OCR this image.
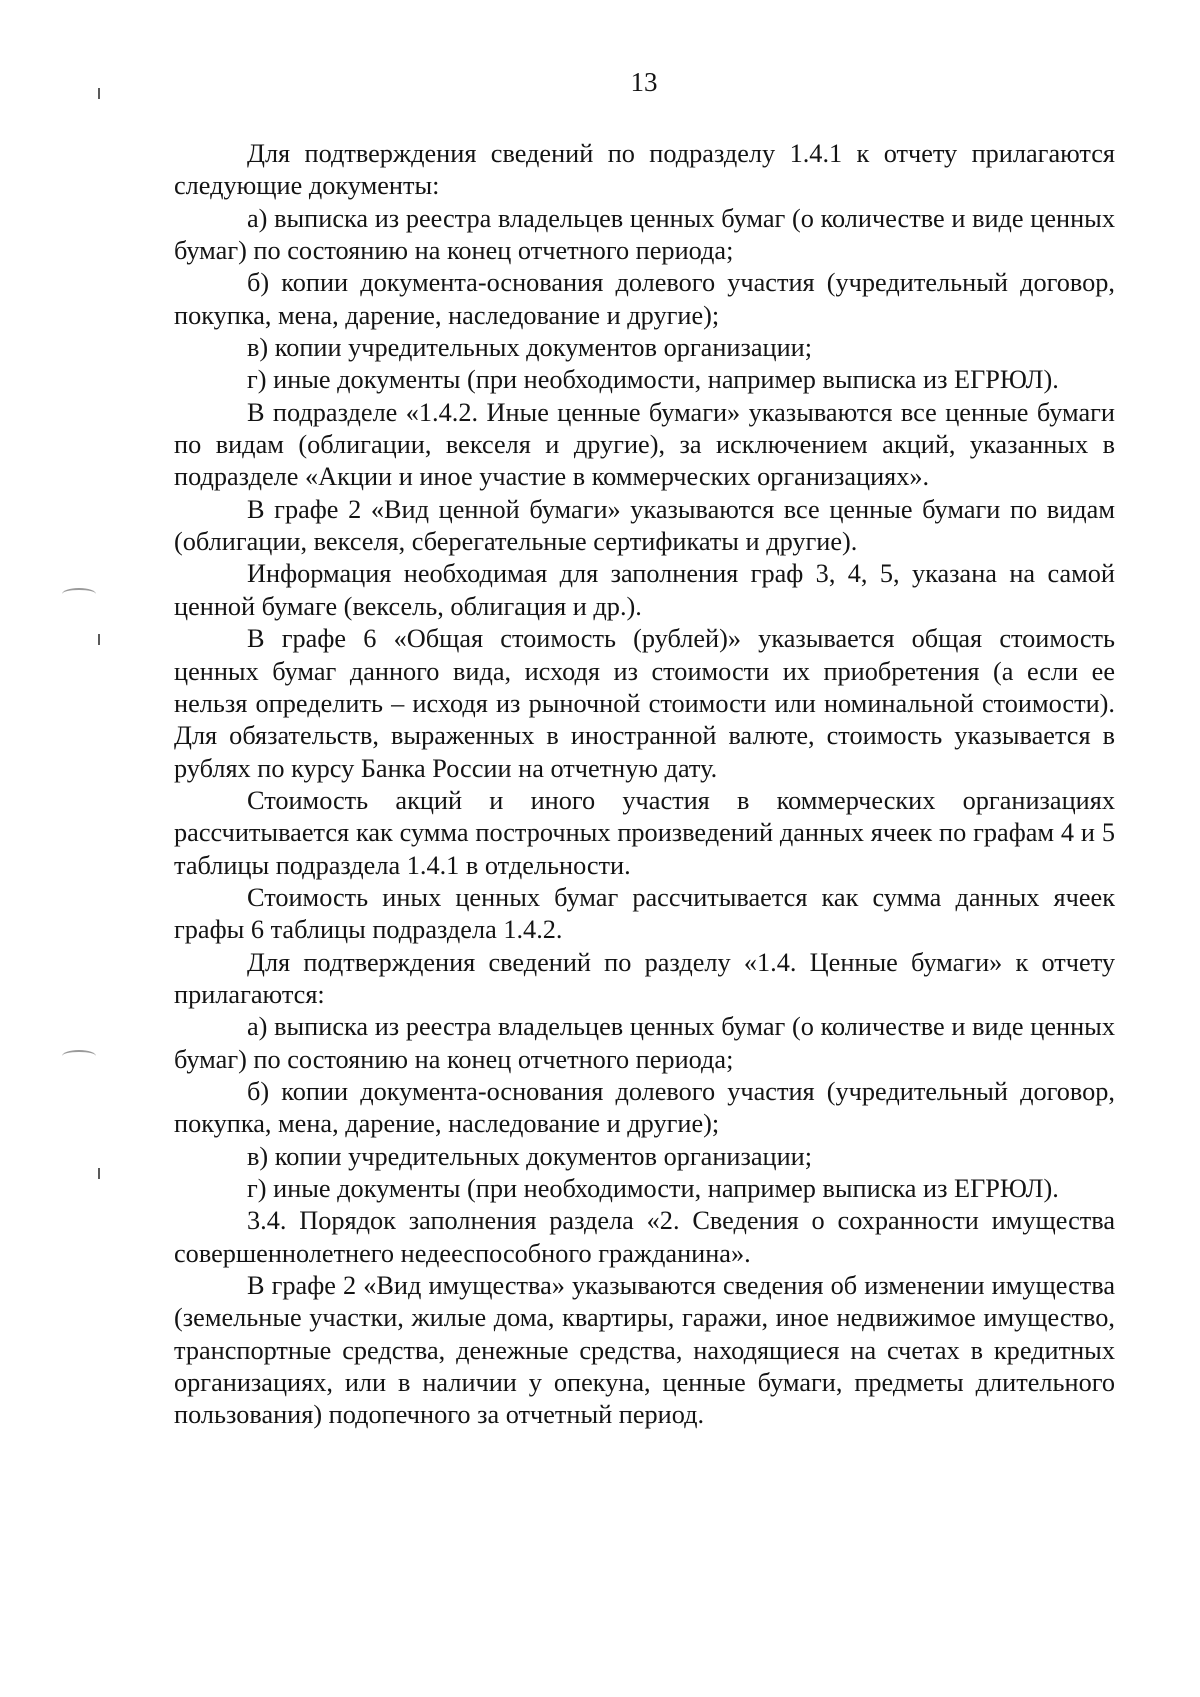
13

Для подтверждения сведений по подразделу 1.4.1 к отчету прилагаются следующие документы:

а) выписка из реестра владельцев ценных бумаг (о количестве и виде ценных бумаг) по состоянию на конец отчетного периода;

б) копии документа-основания долевого участия (учредительный договор, покупка, мена, дарение, наследование и другие);

в) копии учредительных документов организации;

г) иные документы (при необходимости, например выписка из ЕГРЮЛ).

В подразделе «1.4.2. Иные ценные бумаги» указываются все ценные бумаги по видам (облигации, векселя и другие), за исключением акций, указанных в подразделе «Акции и иное участие в коммерческих организациях».

В графе 2 «Вид ценной бумаги» указываются все ценные бумаги по видам (облигации, векселя, сберегательные сертификаты и другие).

Информация необходимая для заполнения граф 3, 4, 5, указана на самой ценной бумаге (вексель, облигация и др.).

В графе 6 «Общая стоимость (рублей)» указывается общая стоимость ценных бумаг данного вида, исходя из стоимости их приобретения (а если ее нельзя определить – исходя из рыночной стоимости или номинальной стоимости). Для обязательств, выраженных в иностранной валюте, стоимость указывается в рублях по курсу Банка России на отчетную дату.

Стоимость акций и иного участия в коммерческих организациях рассчитывается как сумма построчных произведений данных ячеек по графам 4 и 5 таблицы подраздела 1.4.1 в отдельности.

Стоимость иных ценных бумаг рассчитывается как сумма данных ячеек графы 6 таблицы подраздела 1.4.2.

Для подтверждения сведений по разделу «1.4. Ценные бумаги» к отчету прилагаются:

а) выписка из реестра владельцев ценных бумаг (о количестве и виде ценных бумаг) по состоянию на конец отчетного периода;

б) копии документа-основания долевого участия (учредительный договор, покупка, мена, дарение, наследование и другие);

в) копии учредительных документов организации;

г) иные документы (при необходимости, например выписка из ЕГРЮЛ).

3.4. Порядок заполнения раздела «2. Сведения о сохранности имущества совершеннолетнего недееспособного гражданина».

В графе 2 «Вид имущества» указываются сведения об изменении имущества (земельные участки, жилые дома, квартиры, гаражи, иное недвижимое имущество, транспортные средства, денежные средства, находящиеся на счетах в кредитных организациях, или в наличии у опекуна, ценные бумаги, предметы длительного пользования) подопечного за отчетный период.
